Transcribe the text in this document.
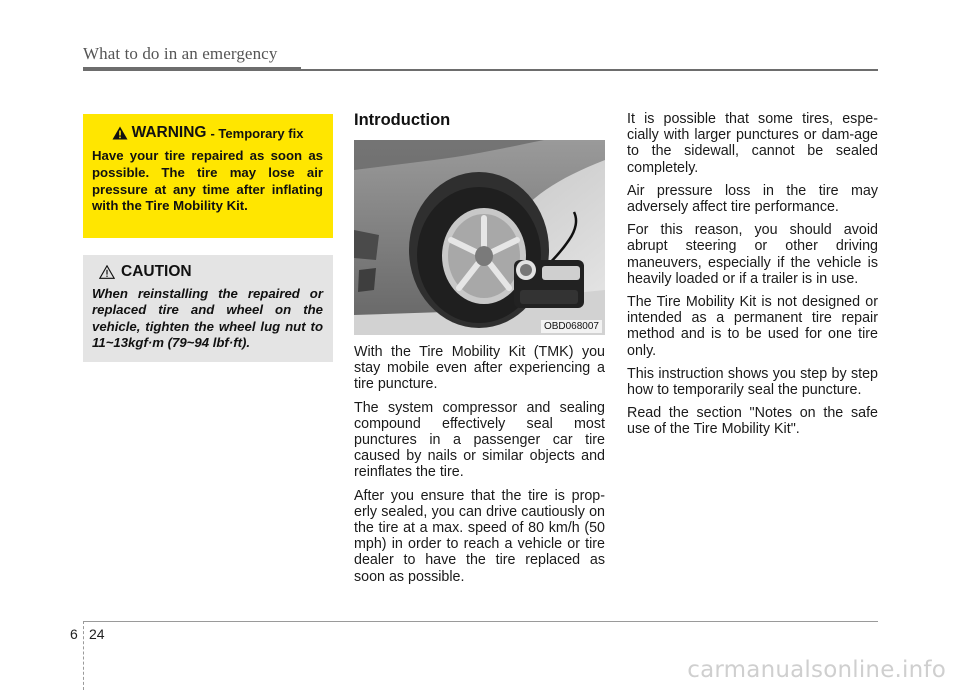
What to do in an emergency
WARNING - Temporary fix
Have your tire repaired as soon as possible. The tire may lose air pressure at any time after inflating with the Tire Mobility Kit.
CAUTION
When reinstalling the repaired or replaced tire and wheel on the vehicle, tighten the wheel lug nut to 11~13kgf·m (79~94 lbf·ft).
Introduction
OBD068007

With the Tire Mobility Kit (TMK) you stay mobile even after experiencing a tire puncture.

The system compressor and sealing compound effectively seal most punctures in a passenger car tire caused by nails or similar objects and reinflates the tire.

After you ensure that the tire is prop-erly sealed, you can drive cautiously on the tire at a max. speed of 80 km/h (50 mph) in order to reach a vehicle or tire dealer to have the tire replaced as soon as possible.

It is possible that some tires, espe-cially with larger punctures or dam-age to the sidewall, cannot be sealed completely.

Air pressure loss in the tire may adversely affect tire performance.

For this reason, you should avoid abrupt steering or other driving maneuvers, especially if the vehicle is heavily loaded or if a trailer is in use.

The Tire Mobility Kit is not designed or intended as a permanent tire repair method and is to be used for one tire only.

This instruction shows you step by step how to temporarily seal the puncture.

Read the section "Notes on the safe use of the Tire Mobility Kit".

6 24
carmanualsonline.info
